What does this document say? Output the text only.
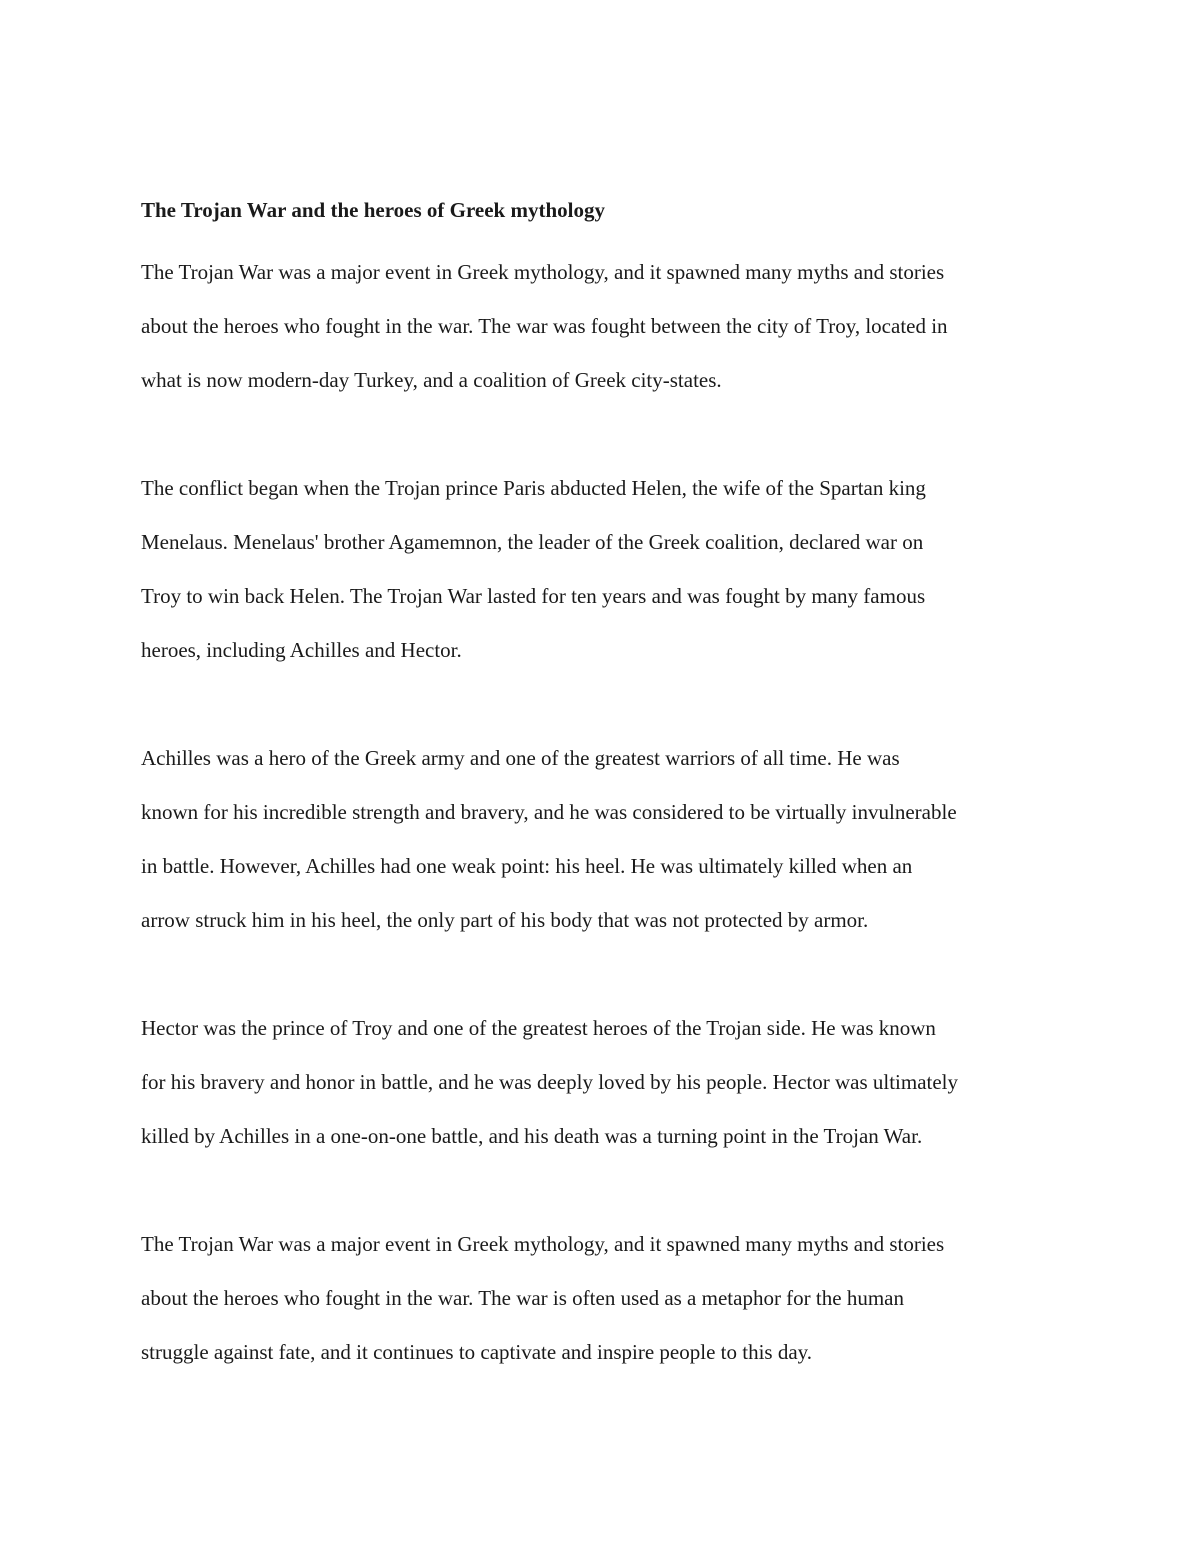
The Trojan War and the heroes of Greek mythology
The Trojan War was a major event in Greek mythology, and it spawned many myths and stories
about the heroes who fought in the war. The war was fought between the city of Troy, located in
what is now modern-day Turkey, and a coalition of Greek city-states.
The conflict began when the Trojan prince Paris abducted Helen, the wife of the Spartan king
Menelaus. Menelaus' brother Agamemnon, the leader of the Greek coalition, declared war on
Troy to win back Helen. The Trojan War lasted for ten years and was fought by many famous
heroes, including Achilles and Hector.
Achilles was a hero of the Greek army and one of the greatest warriors of all time. He was
known for his incredible strength and bravery, and he was considered to be virtually invulnerable
in battle. However, Achilles had one weak point: his heel. He was ultimately killed when an
arrow struck him in his heel, the only part of his body that was not protected by armor.
Hector was the prince of Troy and one of the greatest heroes of the Trojan side. He was known
for his bravery and honor in battle, and he was deeply loved by his people. Hector was ultimately
killed by Achilles in a one-on-one battle, and his death was a turning point in the Trojan War.
The Trojan War was a major event in Greek mythology, and it spawned many myths and stories
about the heroes who fought in the war. The war is often used as a metaphor for the human
struggle against fate, and it continues to captivate and inspire people to this day.
